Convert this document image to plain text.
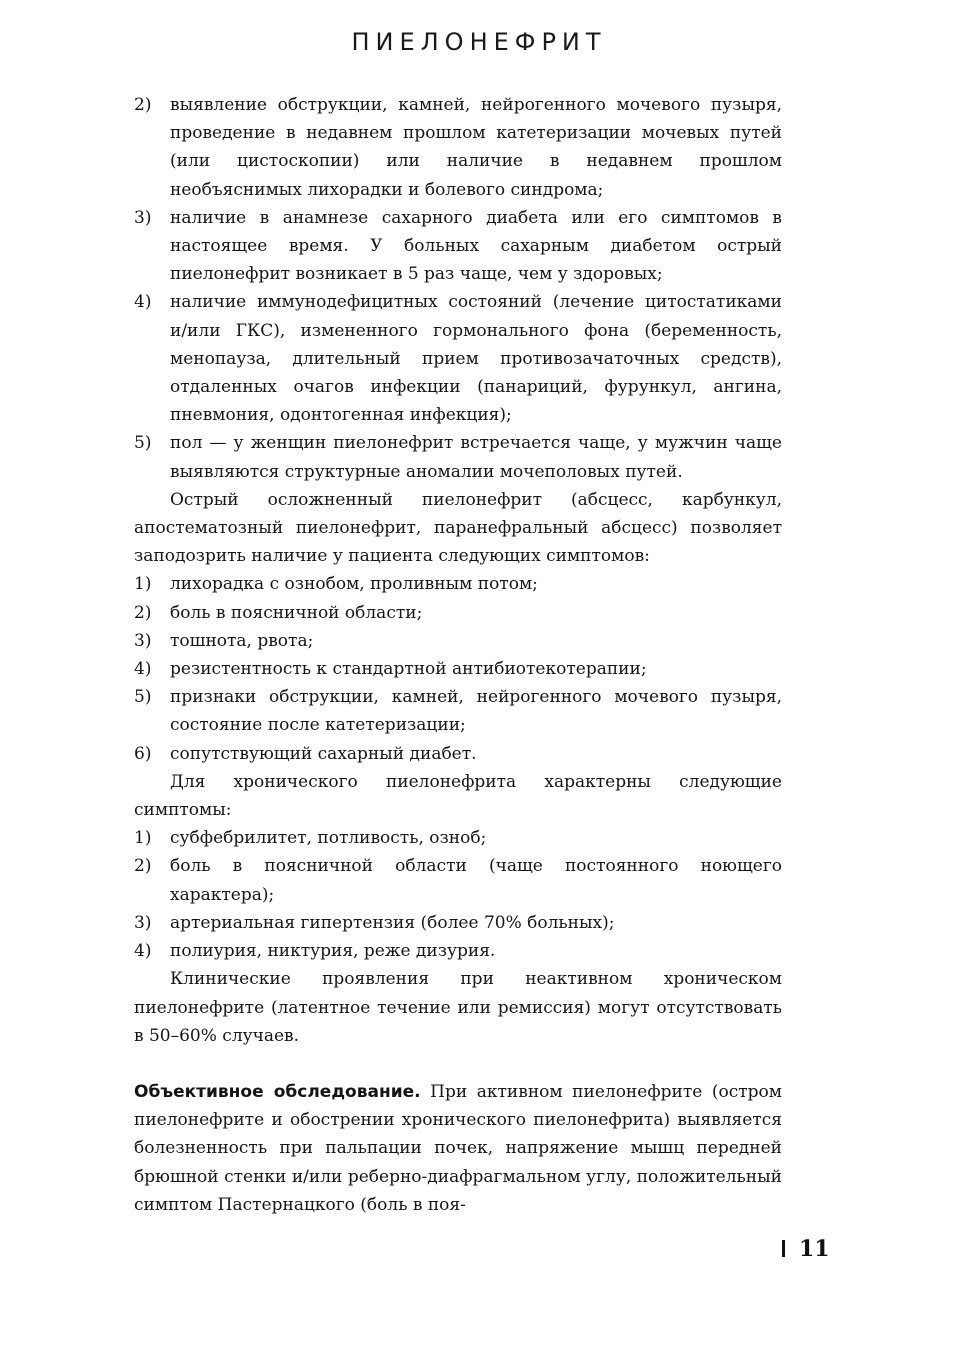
ПИЕЛОНЕФРИТ
2) выявление обструкции, камней, нейрогенного мочевого пузыря, проведение в недавнем прошлом катетеризации мочевых путей (или цистоскопии) или наличие в недавнем прошлом необъяснимых лихорадки и болевого синдрома;
3) наличие в анамнезе сахарного диабета или его симптомов в настоящее время. У больных сахарным диабетом острый пиелонефрит возникает в 5 раз чаще, чем у здоровых;
4) наличие иммунодефицитных состояний (лечение цитостатиками и/или ГКС), измененного гормонального фона (беременность, менопауза, длительный прием противозачаточных средств), отдаленных очагов инфекции (панариций, фурункул, ангина, пневмония, одонтогенная инфекция);
5) пол — у женщин пиелонефрит встречается чаще, у мужчин чаще выявляются структурные аномалии мочеполовых путей.

Острый осложненный пиелонефрит (абсцесс, карбункул, апостематозный пиелонефрит, паранефральный абсцесс) позволяет заподозрить наличие у пациента следующих симптомов:

1) лихорадка с ознобом, проливным потом;
2) боль в поясничной области;
3) тошнота, рвота;
4) резистентность к стандартной антибиотекотерапии;
5) признаки обструкции, камней, нейрогенного мочевого пузыря, состояние после катетеризации;
6) сопутствующий сахарный диабет.

Для хронического пиелонефрита характерны следующие симптомы:

1) субфебрилитет, потливость, озноб;
2) боль в поясничной области (чаще постоянного ноющего характера);
3) артериальная гипертензия (более 70% больных);
4) полиурия, никтурия, реже дизурия.

Клинические проявления при неактивном хроническом пиелонефрите (латентное течение или ремиссия) могут отсутствовать в 50–60% случаев.

Объективное обследование. При активном пиелонефрите (остром пиелонефрите и обострении хронического пиелонефрита) выявляется болезненность при пальпации почек, напряжение мышц передней брюшной стенки и/или реберно-диафрагмальном углу, положительный симптом Пастернацкого (боль в поя-

11
